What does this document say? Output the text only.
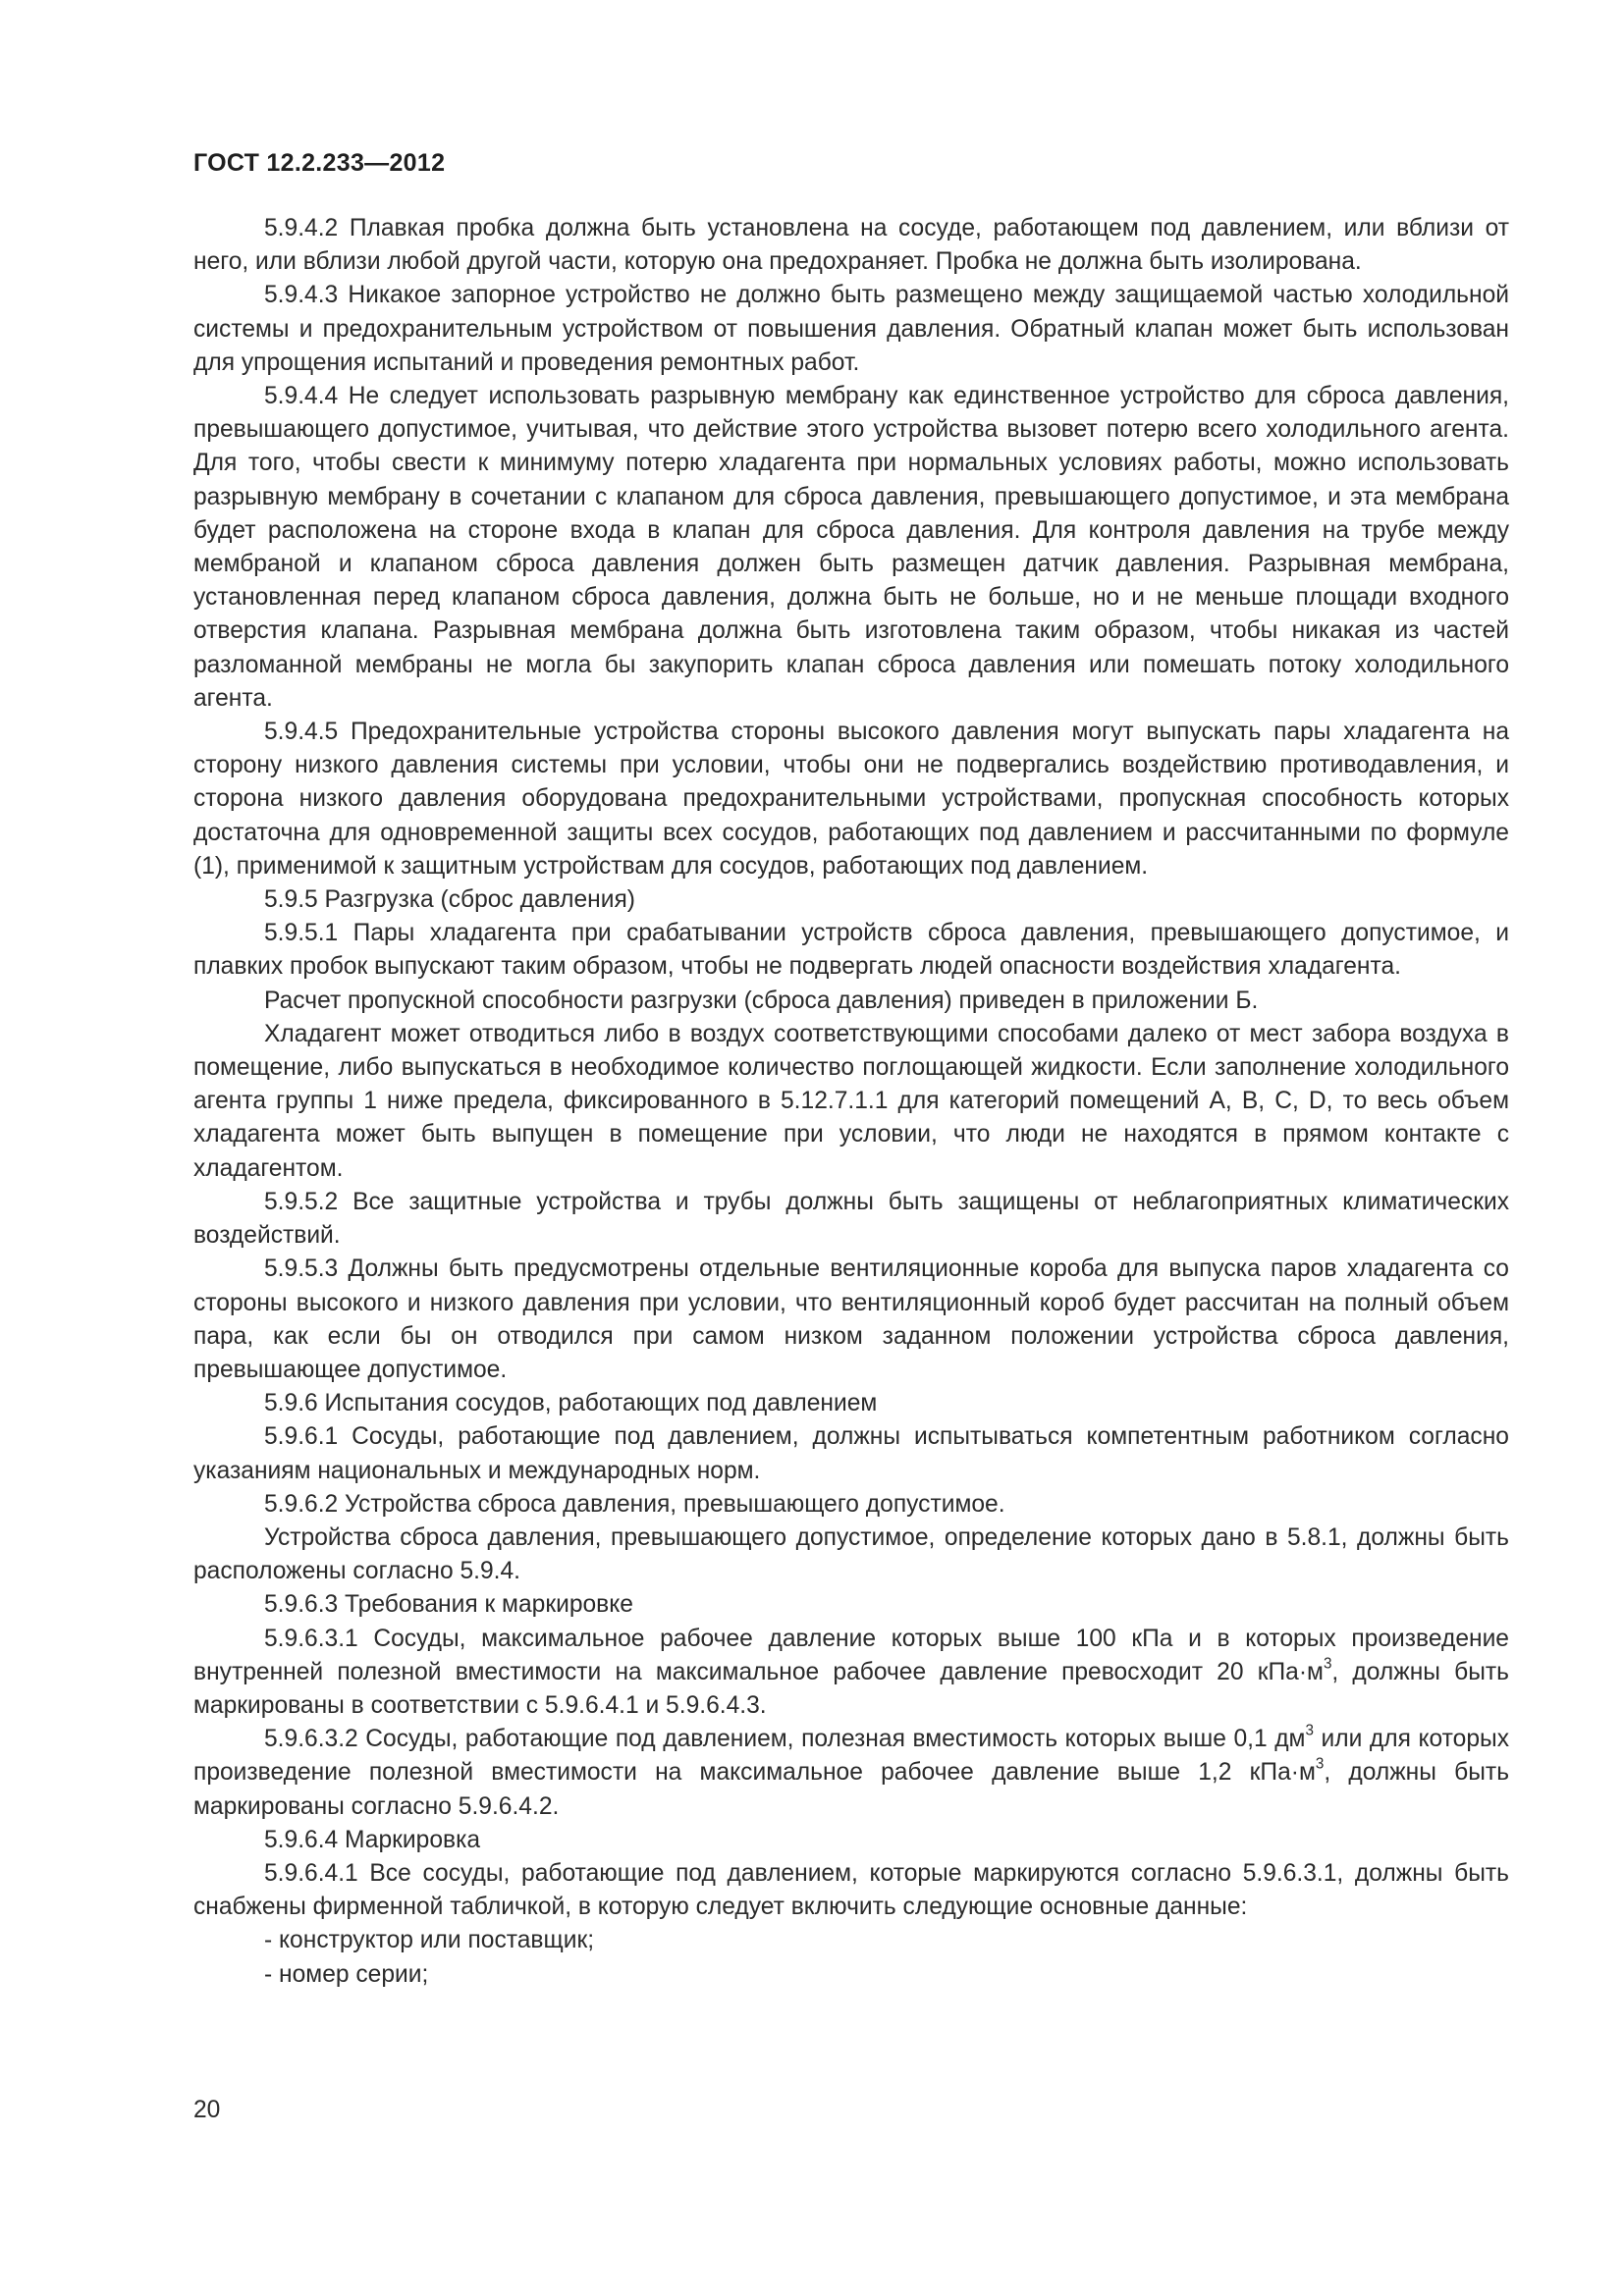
ГОСТ 12.2.233—2012

5.9.4.2 Плавкая пробка должна быть установлена на сосуде, работающем под давлением, или вблизи от него, или вблизи любой другой части, которую она предохраняет. Пробка не должна быть изолирована.

5.9.4.3 Никакое запорное устройство не должно быть размещено между защищаемой частью холодильной системы и предохранительным устройством от повышения давления. Обратный клапан может быть использован для упрощения испытаний и проведения ремонтных работ.

5.9.4.4 Не следует использовать разрывную мембрану как единственное устройство для сброса давления, превышающего допустимое, учитывая, что действие этого устройства вызовет потерю всего холодильного агента. Для того, чтобы свести к минимуму потерю хладагента при нормальных условиях работы, можно использовать разрывную мембрану в сочетании с клапаном для сброса давления, превышающего допустимое, и эта мембрана будет расположена на стороне входа в клапан для сброса давления. Для контроля давления на трубе между мембраной и клапаном сброса давления должен быть размещен датчик давления. Разрывная мембрана, установленная перед клапаном сброса давления, должна быть не больше, но и не меньше площади входного отверстия клапана. Разрывная мембрана должна быть изготовлена таким образом, чтобы никакая из частей разломанной мембраны не могла бы закупорить клапан сброса давления или помешать потоку холодильного агента.

5.9.4.5 Предохранительные устройства стороны высокого давления могут выпускать пары хладагента на сторону низкого давления системы при условии, чтобы они не подвергались воздействию противодавления, и сторона низкого давления оборудована предохранительными устройствами, пропускная способность которых достаточна для одновременной защиты всех сосудов, работающих под давлением и рассчитанными по формуле (1), применимой к защитным устройствам для сосудов, работающих под давлением.

5.9.5 Разгрузка (сброс давления)

5.9.5.1 Пары хладагента при срабатывании устройств сброса давления, превышающего допустимое, и плавких пробок выпускают таким образом, чтобы не подвергать людей опасности воздействия хладагента.

Расчет пропускной способности разгрузки (сброса давления) приведен в приложении Б.

Хладагент может отводиться либо в воздух соответствующими способами далеко от мест забора воздуха в помещение, либо выпускаться в необходимое количество поглощающей жидкости. Если заполнение холодильного агента группы 1 ниже предела, фиксированного в 5.12.7.1.1 для категорий помещений A, B, C, D, то весь объем хладагента может быть выпущен в помещение при условии, что люди не находятся в прямом контакте с хладагентом.

5.9.5.2 Все защитные устройства и трубы должны быть защищены от неблагоприятных климатических воздействий.

5.9.5.3 Должны быть предусмотрены отдельные вентиляционные короба для выпуска паров хладагента со стороны высокого и низкого давления при условии, что вентиляционный короб будет рассчитан на полный объем пара, как если бы он отводился при самом низком заданном положении устройства сброса давления, превышающее допустимое.

5.9.6 Испытания сосудов, работающих под давлением

5.9.6.1 Сосуды, работающие под давлением, должны испытываться компетентным работником согласно указаниям национальных и международных норм.

5.9.6.2 Устройства сброса давления, превышающего допустимое.

Устройства сброса давления, превышающего допустимое, определение которых дано в 5.8.1, должны быть расположены согласно 5.9.4.

5.9.6.3 Требования к маркировке

5.9.6.3.1 Сосуды, максимальное рабочее давление которых выше 100 кПа и в которых произведение внутренней полезной вместимости на максимальное рабочее давление превосходит 20 $кПа\cdot м^3$, должны быть маркированы в соответствии с 5.9.6.4.1 и 5.9.6.4.3.

5.9.6.3.2 Сосуды, работающие под давлением, полезная вместимость которых выше 0,1 $дм^3$ или для которых произведение полезной вместимости на максимальное рабочее давление выше 1,2 $кПа\cdot м^3$, должны быть маркированы согласно 5.9.6.4.2.

5.9.6.4 Маркировка

5.9.6.4.1 Все сосуды, работающие под давлением, которые маркируются согласно 5.9.6.3.1, должны быть снабжены фирменной табличкой, в которую следует включить следующие основные данные:

- конструктор или поставщик;

- номер серии;

20
